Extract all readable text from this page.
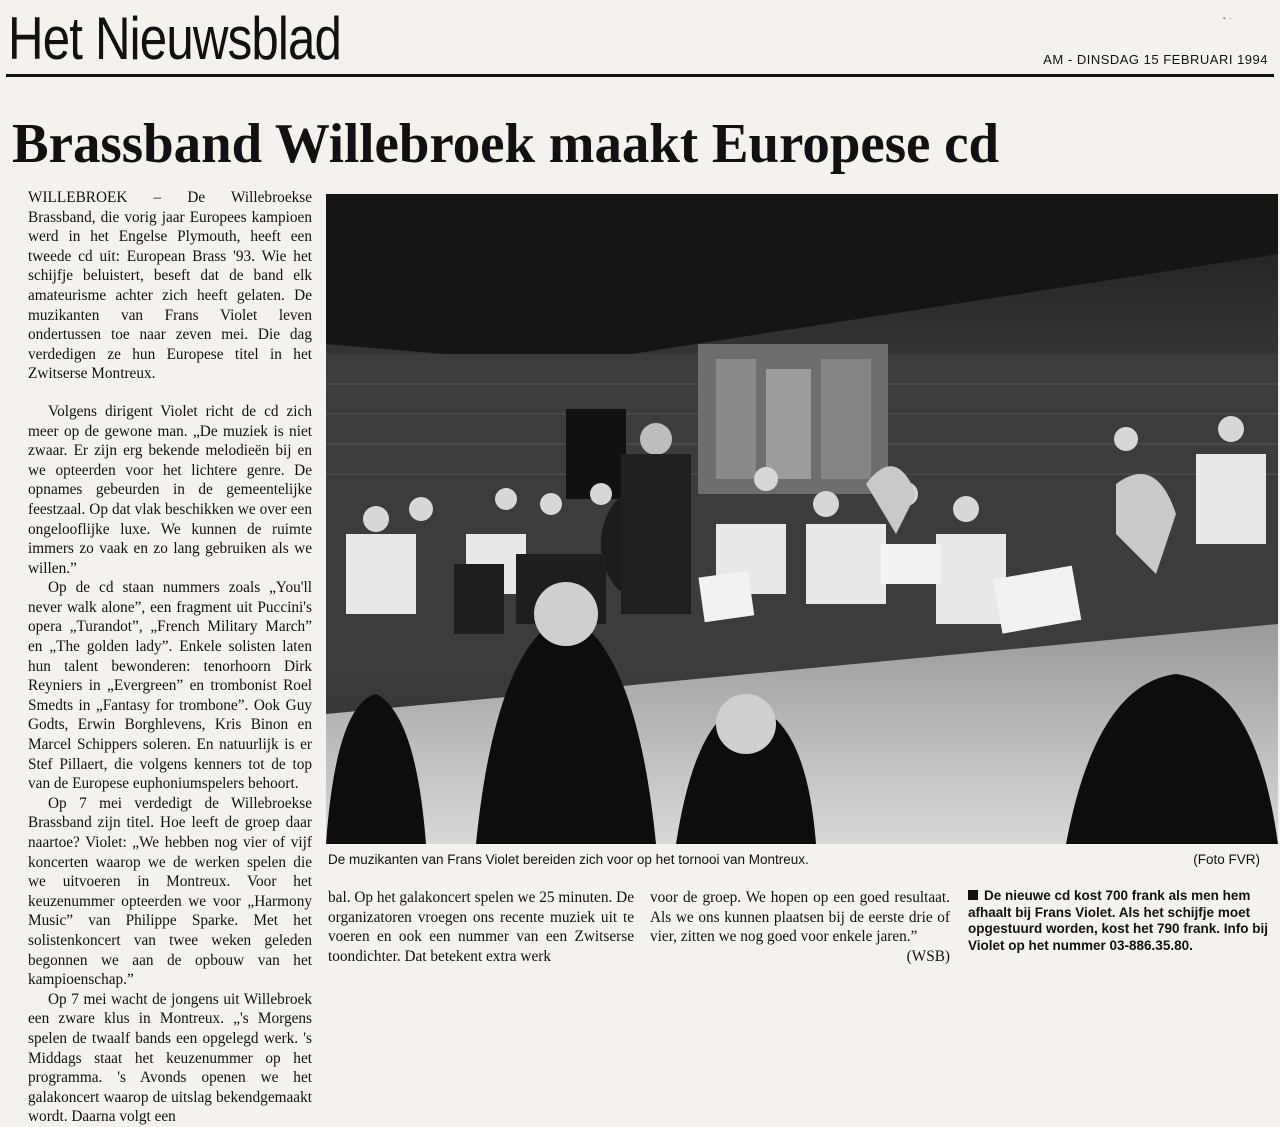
Het Nieuwsblad	• ·
AM - DINSDAG 15 FEBRUARI 1994
Brassband Willebroek maakt Europese cd

WILLEBROEK – De Willebroekse Brassband, die vorig jaar Europees kampioen werd in het Engelse Plymouth, heeft een tweede cd uit: European Brass '93. Wie het schijfje beluistert, beseft dat de band elk amateurisme achter zich heeft gelaten. De muzikanten van Frans Violet leven ondertussen toe naar zeven mei. Die dag verdedigen ze hun Europese titel in het Zwitserse Montreux.

Volgens dirigent Violet richt de cd zich meer op de gewone man. „De muziek is niet zwaar. Er zijn erg bekende melodieën bij en we opteerden voor het lichtere genre. De opnames gebeurden in de gemeentelijke feestzaal. Op dat vlak beschikken we over een ongelooflijke luxe. We kunnen de ruimte immers zo vaak en zo lang gebruiken als we willen.”

Op de cd staan nummers zoals „You'll never walk alone”, een fragment uit Puccini's opera „Turandot”, „French Military March” en „The golden lady”. Enkele solisten laten hun talent bewonderen: tenorhoorn Dirk Reyniers in „Evergreen” en trombonist Roel Smedts in „Fantasy for trombone”. Ook Guy Godts, Erwin Borghlevens, Kris Binon en Marcel Schippers soleren. En natuurlijk is er Stef Pillaert, die volgens kenners tot de top van de Europese euphoniumspelers behoort.

Op 7 mei verdedigt de Willebroekse Brassband zijn titel. Hoe leeft de groep daar naartoe? Violet: „We hebben nog vier of vijf koncerten waarop we de werken spelen die we uitvoeren in Montreux. Voor het keuzenummer opteerden we voor „Harmony Music” van Philippe Sparke. Met het solistenkoncert van twee weken geleden begonnen we aan de opbouw van het kampioenschap.”

Op 7 mei wacht de jongens uit Willebroek een zware klus in Montreux. „'s Morgens spelen de twaalf bands een opgelegd werk. 's Middags staat het keuzenummer op het programma. 's Avonds openen we het galakoncert waarop de uitslag bekendgemaakt wordt. Daarna volgt een

De muzikanten van Frans Violet bereiden zich voor op het tornooi van Montreux.	(Foto FVR)

bal. Op het galakoncert spelen we 25 minuten. De organizatoren vroegen ons recente muziek uit te voeren en ook een nummer van een Zwitserse toondichter. Dat betekent extra werk

voor de groep. We hopen op een goed resultaat. Als we ons kunnen plaatsen bij de eerste drie of vier, zitten we nog goed voor enkele jaren.”

(WSB)

De nieuwe cd kost 700 frank als men hem afhaalt bij Frans Violet. Als het schijfje moet opgestuurd worden, kost het 790 frank. Info bij Violet op het nummer 03-886.35.80.
